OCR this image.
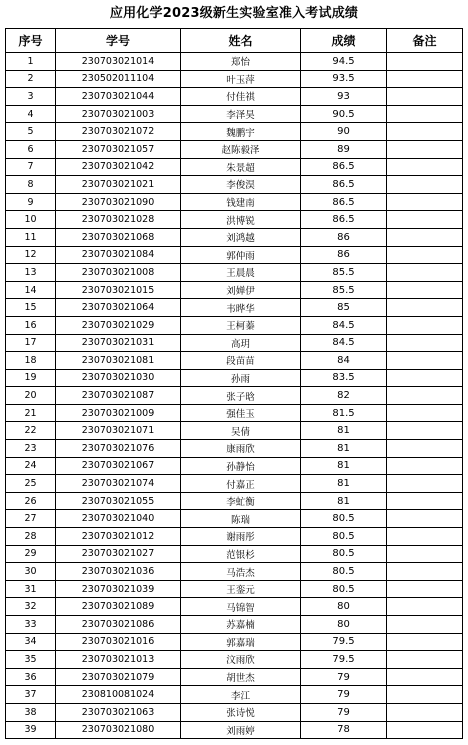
应用化学2023级新生实验室准入考试成绩
序号	学号	姓名	成绩	备注
1	230703021014	郑怡	94.5	
2	230502011104	叶玉萍	93.5	
3	230703021044	付佳祺	93	
4	230703021003	李泽昊	90.5	
5	230703021072	魏鹏宇	90	
6	230703021057	赵陈毅泽	89	
7	230703021042	朱景超	86.5	
8	230703021021	李俊淏	86.5	
9	230703021090	钱建南	86.5	
10	230703021028	洪博锐	86.5	
11	230703021068	刘鸿越	86	
12	230703021084	郭仲雨	86	
13	230703021008	王晨晨	85.5	
14	230703021015	刘婵伊	85.5	
15	230703021064	韦晔华	85	
16	230703021029	王柯蓁	84.5	
17	230703021031	高玥	84.5	
18	230703021081	段苗苗	84	
19	230703021030	孙雨	83.5	
20	230703021087	张子晗	82	
21	230703021009	强佳玉	81.5	
22	230703021071	吴倩	81	
23	230703021076	康雨欣	81	
24	230703021067	孙静怡	81	
25	230703021074	付嘉正	81	
26	230703021055	李虻衡	81	
27	230703021040	陈瑞	80.5	
28	230703021012	谢雨彤	80.5	
29	230703021027	范银杉	80.5	
30	230703021036	马浩杰	80.5	
31	230703021039	王銮元	80.5	
32	230703021089	马锦智	80	
33	230703021086	苏嘉楠	80	
34	230703021016	郭嘉瑞	79.5	
35	230703021013	汶雨欣	79.5	
36	230703021079	胡世杰	79	
37	230810081024	李江	79	
38	230703021063	张诗悦	79	
39	230703021080	刘雨婷	78	
